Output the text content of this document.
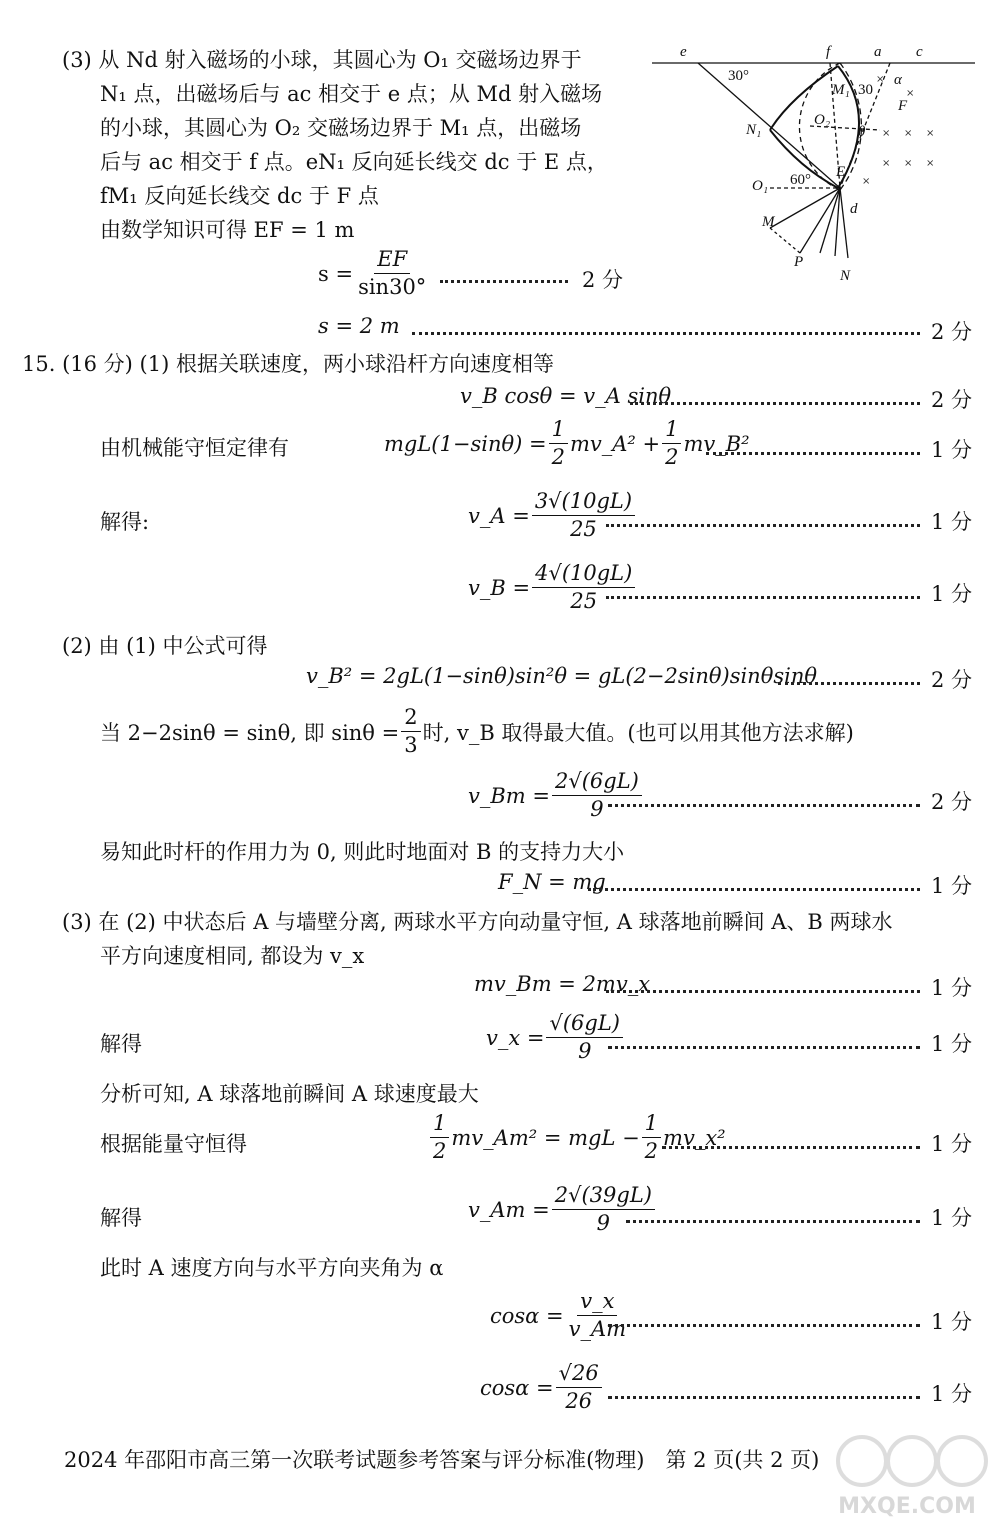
(3) 从 Nd 射入磁场的小球，其圆心为 O₁ 交磁场边界于
N₁ 点，出磁场后与 ac 相交于 e 点；从 Md 射入磁场
的小球，其圆心为 O₂ 交磁场边界于 M₁ 点，出磁场
后与 ac 相交于 f 点。eN₁ 反向延长线交 dc 于 E 点，
fM₁ 反向延长线交 dc 于 F 点
由数学知识可得 EF = 1 m
$s = \frac{EF}{\sin 30^\circ}$	2 分
s = 2 m	2 分
e	f	a c
30°	α
M₁ 30
F
N₁
O₂
θ
O₁ 60° E
d
M
P
N
×
×
× × ×
× × ×
×
15. (16 分) (1) 根据关联速度，两小球沿杆方向速度相等
v_B cosθ = v_A sinθ	2 分
由机械能守恒定律有	$mgL(1-\sin\theta) = \frac{1}{2}$ mv_A² + $\frac{1}{2}$ mv_B²	1 分
解得:	v_A = $\frac{3√(10gL)}{25}$	1 分
v_B = $\frac{4√(10gL)}{25}$	1 分
(2) 由 (1) 中公式可得
v_B² = 2gL(1−sinθ)sin²θ = gL(2−2sinθ)sinθsinθ	2 分
当 2−2sinθ = sinθ, 即 $\sin\theta = \frac{2}{3}$ 时, v_B 取得最大值。(也可以用其他方法求解)
v_Bm = $\frac{2√(6gL)}{9}$	2 分
易知此时杆的作用力为 0, 则此时地面对 B 的支持力大小
F_N = mg	1 分
(3) 在 (2) 中状态后 A 与墙壁分离, 两球水平方向动量守恒, A 球落地前瞬间 A、B 两球水
平方向速度相同, 都设为 v_x
mv_Bm = 2mv_x	1 分
解得	v_x = $\frac{√(6gL)}{9}$	1 分
分析可知, A 球落地前瞬间 A 球速度最大
根据能量守恒得	$\frac{1}{2}$ mv_Am² = mgL − $\frac{1}{2}$ mv_x²	1 分
解得	v_Am = $\frac{2√(39gL)}{9}$	1 分
此时 A 速度方向与水平方向夹角为 α
$\cos\alpha = \frac{v\_x}{v\_Am}$	1 分
$\cos\alpha = \frac{√26}{26}$	1 分
2024 年邵阳市高三第一次联考试题参考答案与评分标准(物理)　第 2 页(共 2 页)
MXQE.COM
